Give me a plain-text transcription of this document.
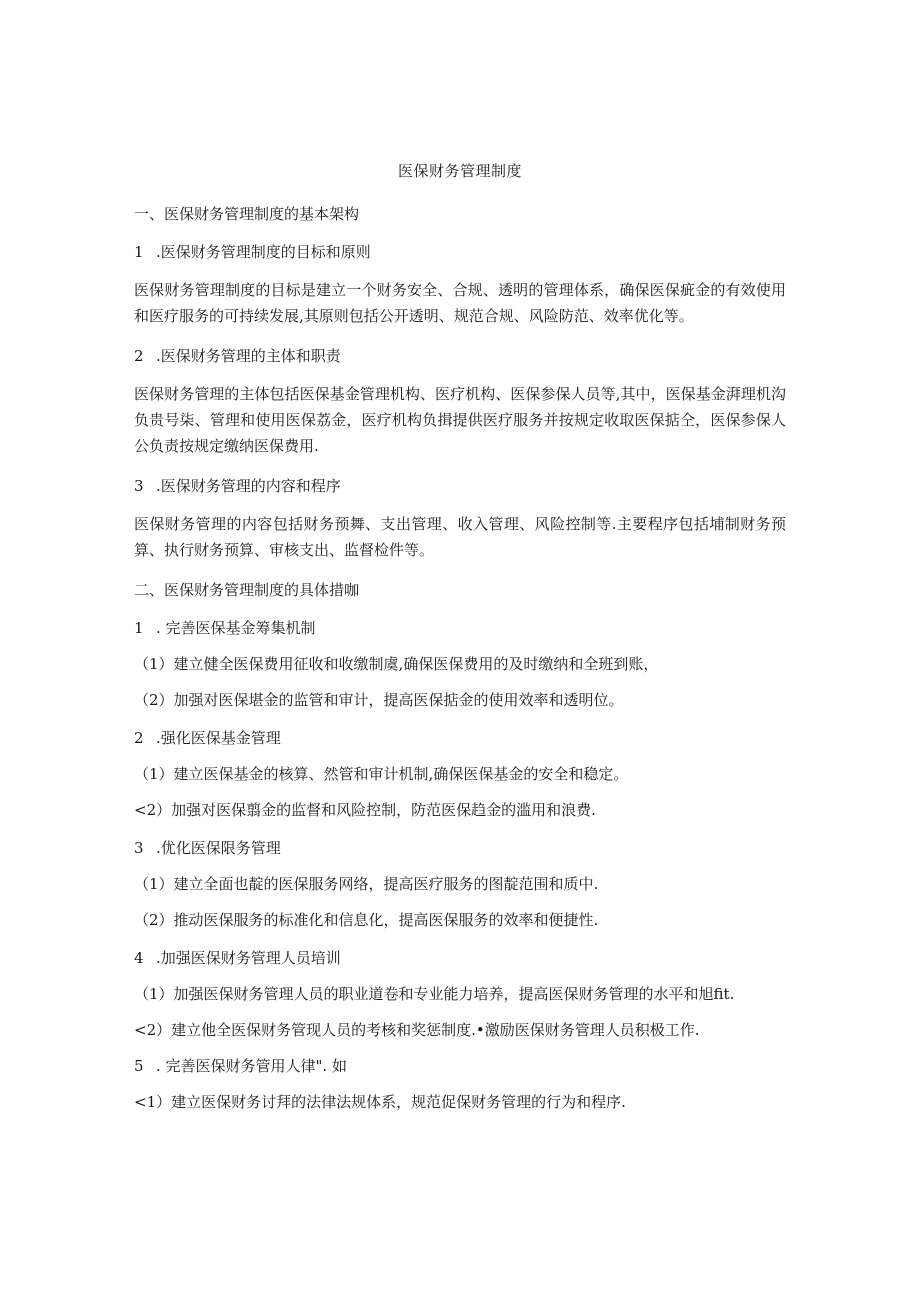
医保财务管理制度
一、医保财务管理制度的基本架构
1 .医保财务管理制度的目标和原则
医保财务管理制度的目标是建立一个财务安全、合规、透明的管理体系，确保医保疵金的有效使用和医疗服务的可持续发展,其原则包括公开透明、规范合规、风险防范、效率优化等。
2 .医保财务管理的主体和职责
医保财务管理的主体包括医保基金管理机构、医疗机构、医保参保人员等,其中，医保基金湃理机沟负贵号柒、管理和使用医保荔金，医疗机构负揖提供医疗服务并按规定收取医保掂仝，医保参保人公负责按规定缴纳医保费用.
3 .医保财务管理的内容和程序
医保财务管理的内容包括财务预舞、支出管理、收入管理、风险控制等.主要程序包括埔制财务预算、执行财务预算、审核支出、监督检件等。
二、医保财务管理制度的具体措咖
1 . 完善医保基金筹集机制
（1）建立健全医保费用征收和收缴制虞,确保医保费用的及时缴纳和全班到账，
（2）加强对医保堪金的监管和审计，提高医保掂金的使用效率和透明位。
2 .强化医保基金管理
（1）建立医保基金的核算、然管和审计机制,确保医保基金的安全和稳定。
<2）加强对医保翦金的监督和风险控制，防范医保趋金的滥用和浪费.
3 .优化医保限务管理
（1）建立全面也靛的医保服务网络，提高医疗服务的图靛范围和质中.
（2）推动医保服务的标准化和信息化，提高医保服务的效率和便捷性.
4 .加强医保财务管理人员培训
（1）加强医保财务管理人员的职业道卷和专业能力培养，提高医保财务管理的水平和旭fit.
<2）建立他全医保财务管现人员的考核和奖惩制度.•激励医保财务管理人员积极工作.
5 . 完善医保财务管用人律". 如
<1）建立医保财务讨拜的法律法规体系，规范促保财务管理的行为和程序.
